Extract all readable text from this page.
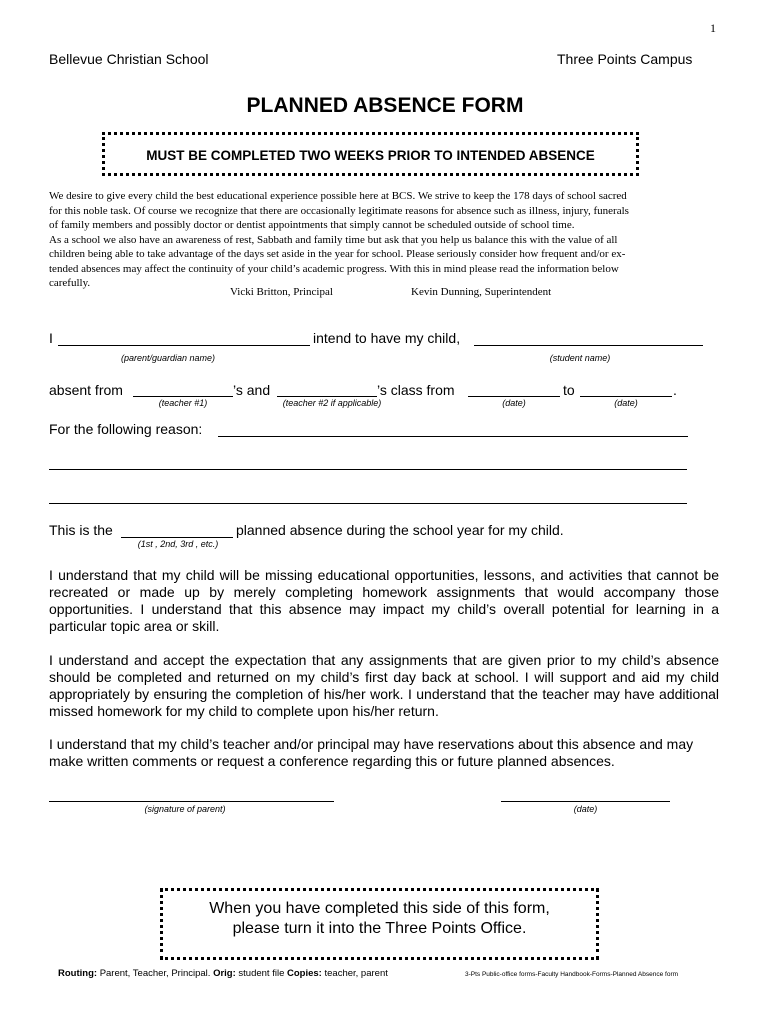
1
Bellevue Christian School	Three Points Campus
PLANNED ABSENCE FORM
MUST BE COMPLETED TWO WEEKS PRIOR TO INTENDED ABSENCE
We desire to give every child the best educational experience possible here at BCS. We strive to keep the 178 days of school sacred
for this noble task. Of course we recognize that there are occasionally legitimate reasons for absence such as illness, injury, funerals
of family members and possibly doctor or dentist appointments that simply cannot be scheduled outside of school time.
As a school we also have an awareness of rest, Sabbath and family time but ask that you help us balance this with the value of all
children being able to take advantage of the days set aside in the year for school. Please seriously consider how frequent and/or ex-
tended absences may affect the continuity of your child’s academic progress. With this in mind please read the information below
carefully.
Vicki Britton, Principal	Kevin Dunning, Superintendent
I	intend to have my child,
(parent/guardian name)	(student name)
absent from	’s and	’s class from	to	.
(teacher #1)	(teacher #2 if applicable)	(date)	(date)
For the following reason:
This is the	planned absence during the school year for my child.
(1st , 2nd, 3rd , etc.)
I understand that my child will be missing educational opportunities, lessons, and activities that cannot be recreated or made up by merely completing homework assignments that would accompany those opportunities. I understand that this absence may impact my child’s overall potential for learning in a particular topic area or skill.
I understand and accept the expectation that any assignments that are given prior to my child’s absence should be completed and returned on my child’s first day back at school. I will support and aid my child appropriately by ensuring the completion of his/her work. I understand that the teacher may have additional missed homework for my child to complete upon his/her return.
I understand that my child’s teacher and/or principal may have reservations about this absence and may make written comments or request a conference regarding this or future planned absences.
(signature of parent)	(date)
When you have completed this side of this form,
please turn it into the Three Points Office.
Routing: Parent, Teacher, Principal. Orig: student file Copies: teacher, parent	3-Pts Public-office forms-Faculty Handbook-Forms-Planned Absence form
